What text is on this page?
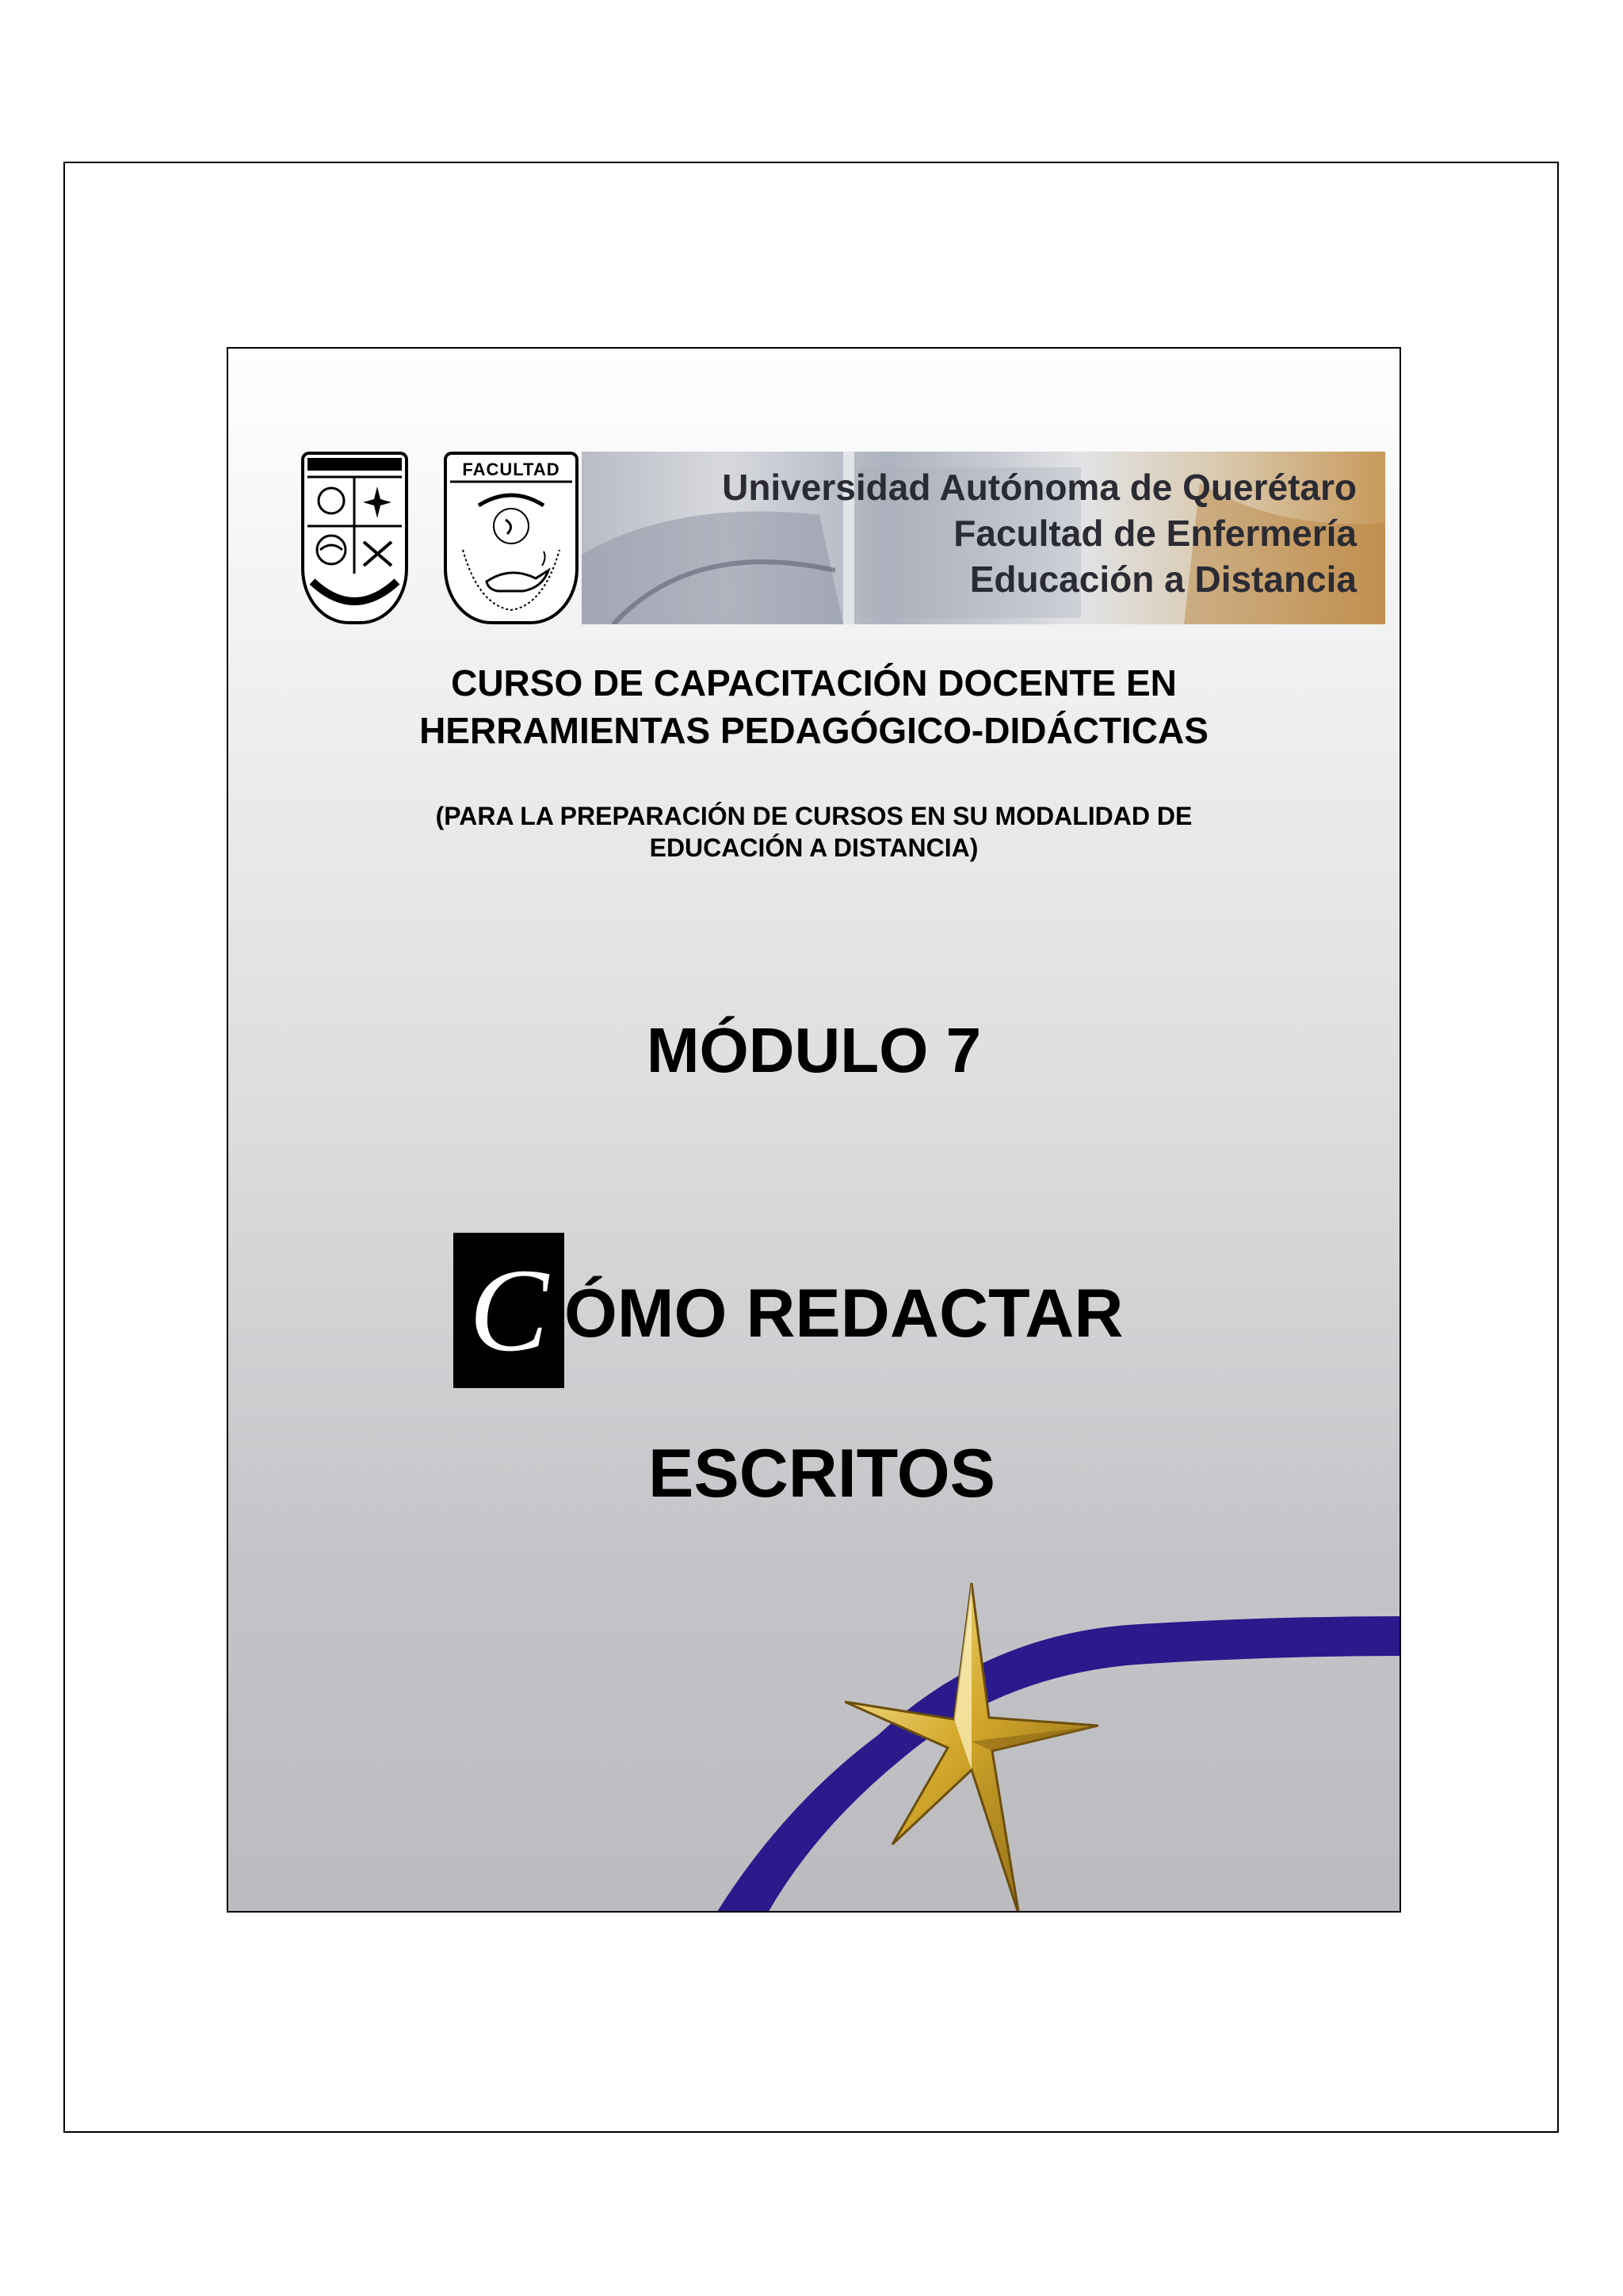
FACULTAD	Universidad Autónoma de Querétaro
Facultad de Enfermería
Educación a Distancia
CURSO DE CAPACITACIÓN DOCENTE EN
HERRAMIENTAS PEDAGÓGICO-DIDÁCTICAS
(PARA LA PREPARACIÓN DE CURSOS EN SU MODALIDAD DE
EDUCACIÓN A DISTANCIA)
MÓDULO 7
C ÓMO REDACTAR
ESCRITOS
